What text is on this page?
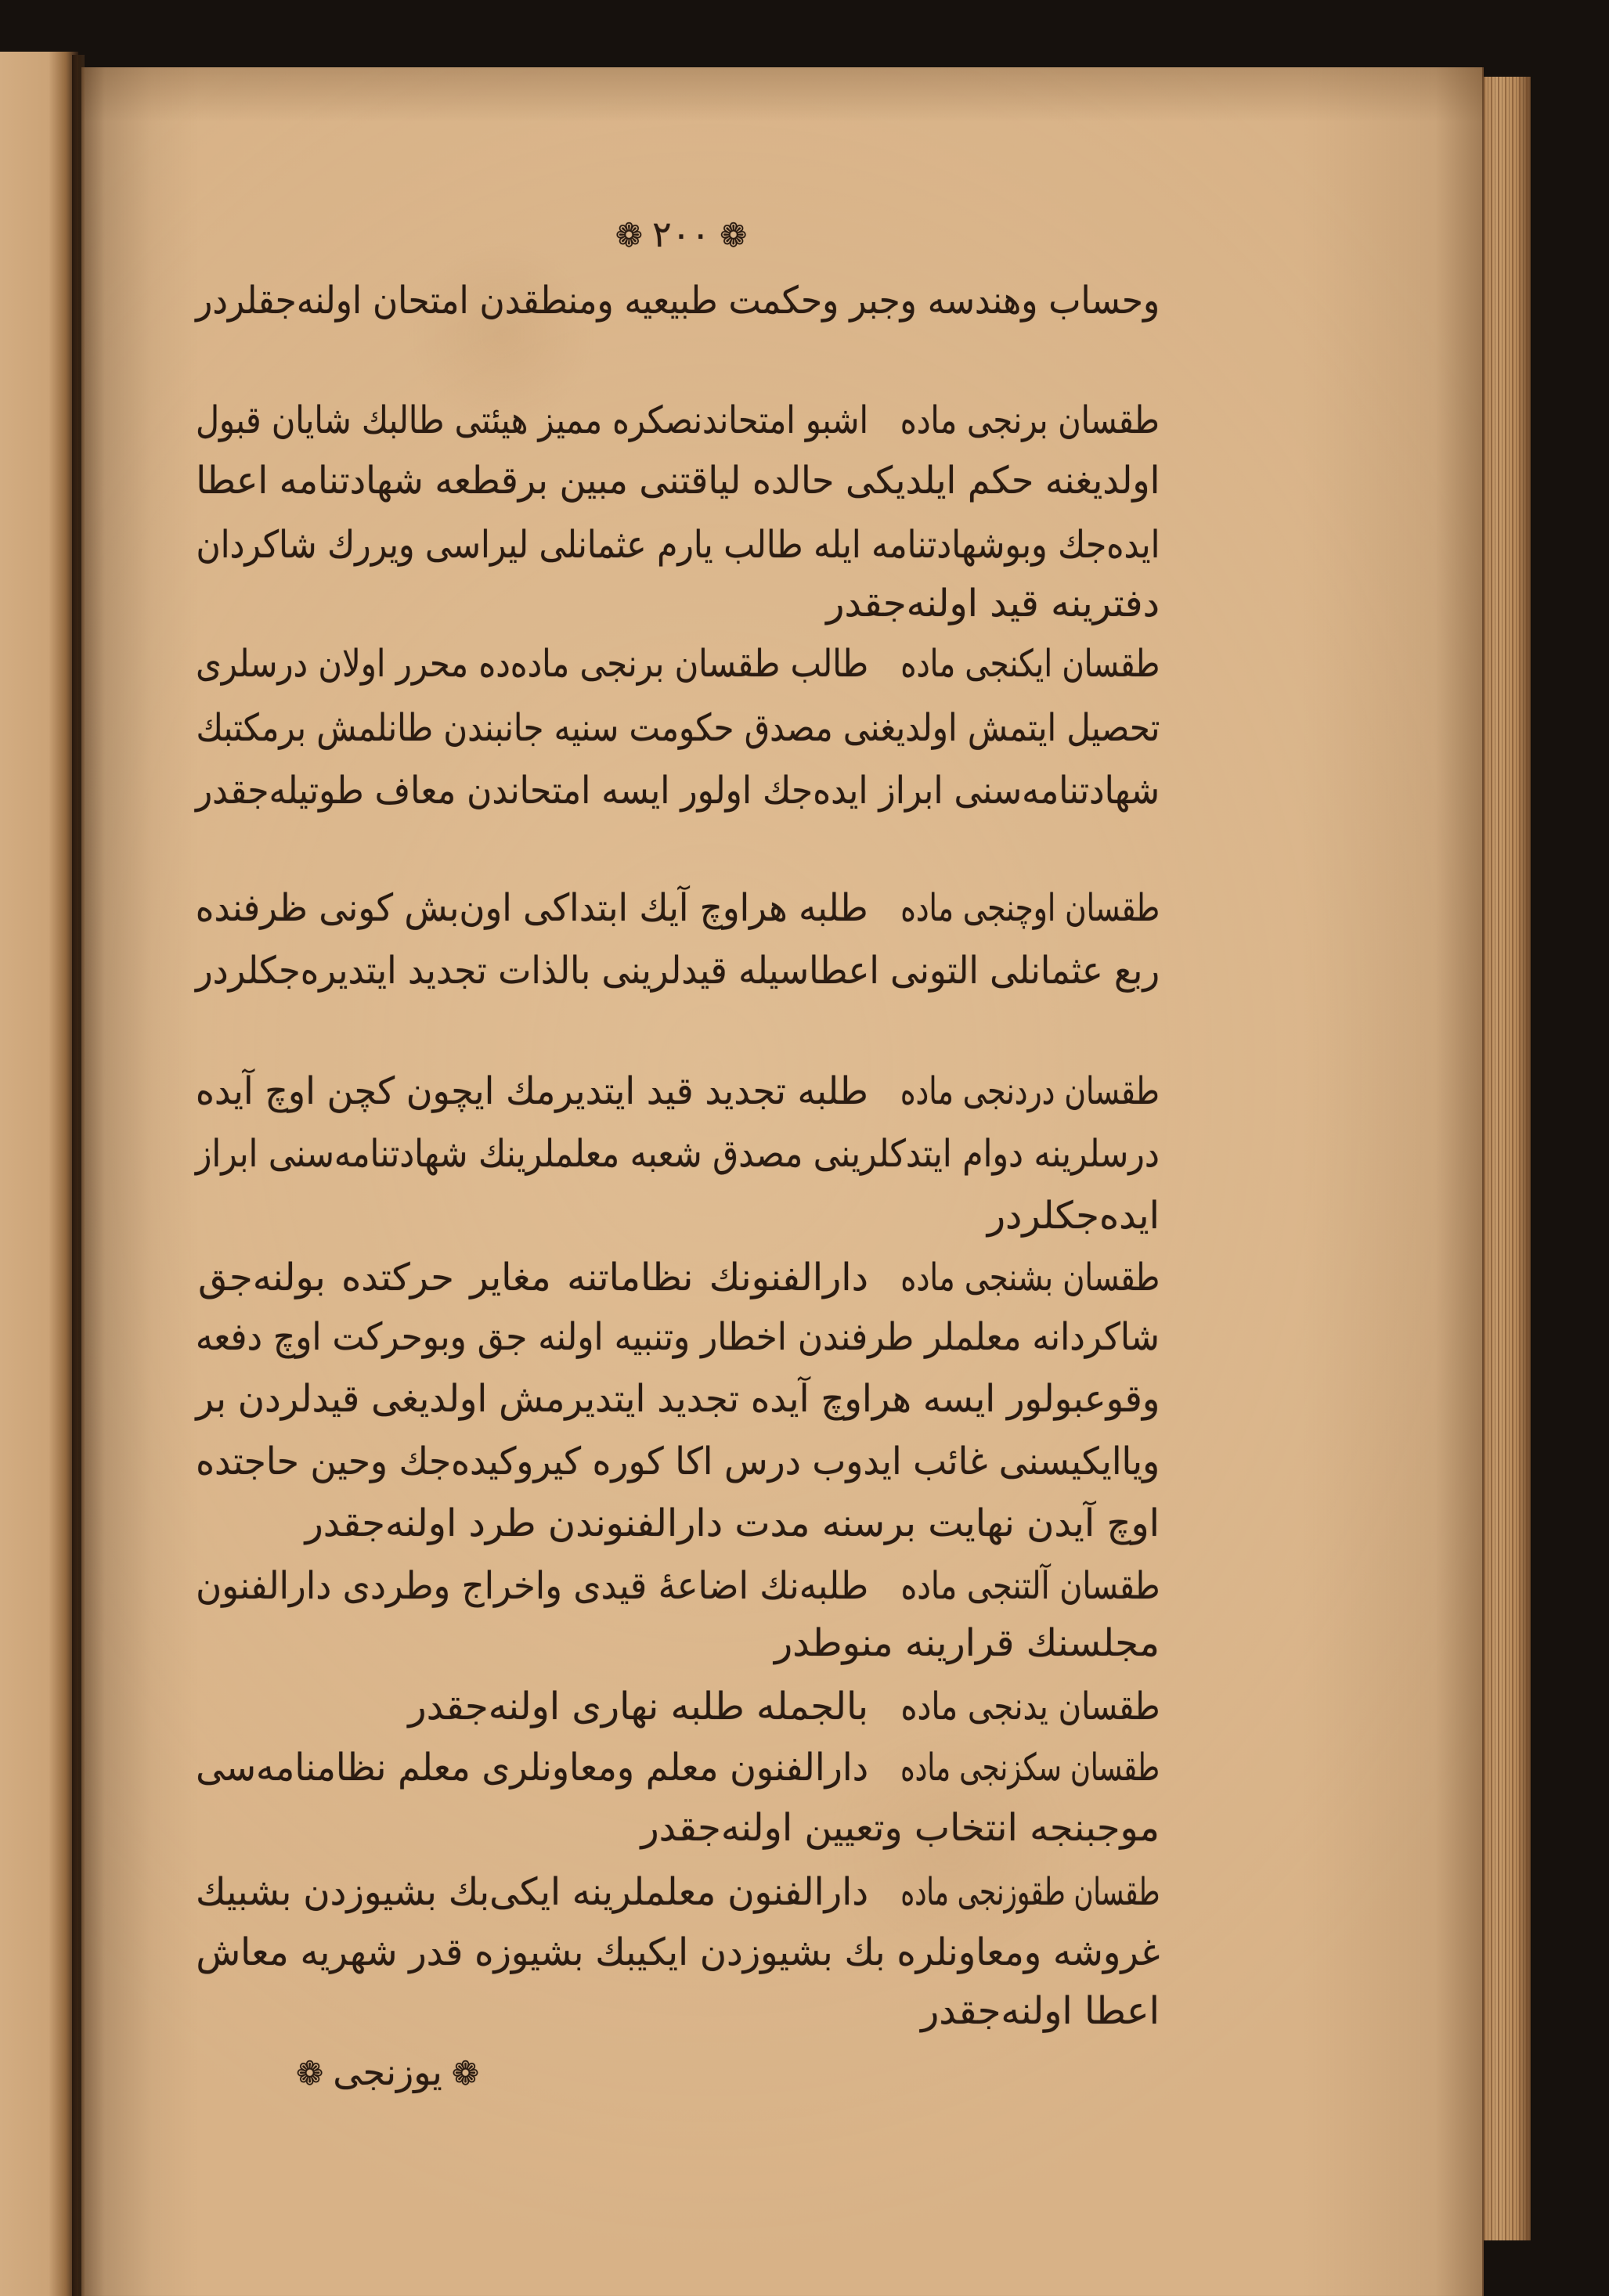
❁٢٠٠❁
وحساب وهندسه وجبر وحكمت طبیعیه ومنطقدن امتحان اولنه‌جقلردر
طقسان برنجی ماده
اشبو امتحاندنصكره ممیز هیئتی طالبك شایان قبول
اولدیغنه حكم ایلدیكی حالده لیاقتنی مبین برقطعه شهادتنامه اعطا
ایده‌جك وبوشهادتنامه ایله طالب یارم عثمانلی لیراسی ویررك شاكردان
دفترینه قید اولنه‌جقدر
طقسان ایكنجی ماده
طالب طقسان برنجی ماده‌ده محرر اولان درسلری
تحصیل ایتمش اولدیغنی مصدق حكومت سنیه جانبندن طانلمش برمكتبك
شهادتنامه‌سنی ابراز ایده‌جك اولور ایسه امتحاندن معاف طوتیله‌جقدر
طقسان اوچنجی ماده
طلبه هراوچ آیك ابتداكی اون‌بش كونی ظرفنده
ربع عثمانلی التونی اعطاسیله قیدلرینی بالذات تجدید ایتدیره‌جكلردر
طقسان دردنجی ماده
طلبه تجدید قید ایتدیرمك ایچون كچن اوچ آیده
درسلرینه دوام ایتدكلرینی مصدق شعبه معلملرینك شهادتنامه‌سنی ابراز
ایده‌جكلردر
طقسان بشنجی ماده
دارالفنونك نظاماتنه مغایر حركتده بولنه‌جق
شاكردانه معلملر طرفندن اخطار وتنبیه اولنه جق وبوحركت اوچ دفعه
وقوعبولور ایسه هراوچ آیده تجدید ایتدیرمش اولدیغی قیدلردن بر
ویاایكیسنی غائب ایدوب درس اكا كوره كیروكیده‌جك وحین حاجتده
اوچ آیدن نهایت برسنه مدت دارالفنوندن طرد اولنه‌جقدر
طقسان آلتنجی ماده
طلبه‌نك اضاعهٔ قیدی واخراج وطردی دارالفنون
مجلسنك قرارینه منوطدر
طقسان یدنجی ماده
بالجمله طلبه نهاری اولنه‌جقدر
طقسان سكزنجی ماده
دارالفنون معلم ومعاونلری معلم نظامنامه‌سی
موجبنجه انتخاب وتعیین اولنه‌جقدر
طقسان طقوزنجی ماده
دارالفنون معلملرینه ایكی‌بك بشیوزدن بشبیك
غروشه ومعاونلره بك بشیوزدن ایكیبك بشیوزه قدر شهریه معاش
اعطا اولنه‌جقدر
❁یوزنجی❁
